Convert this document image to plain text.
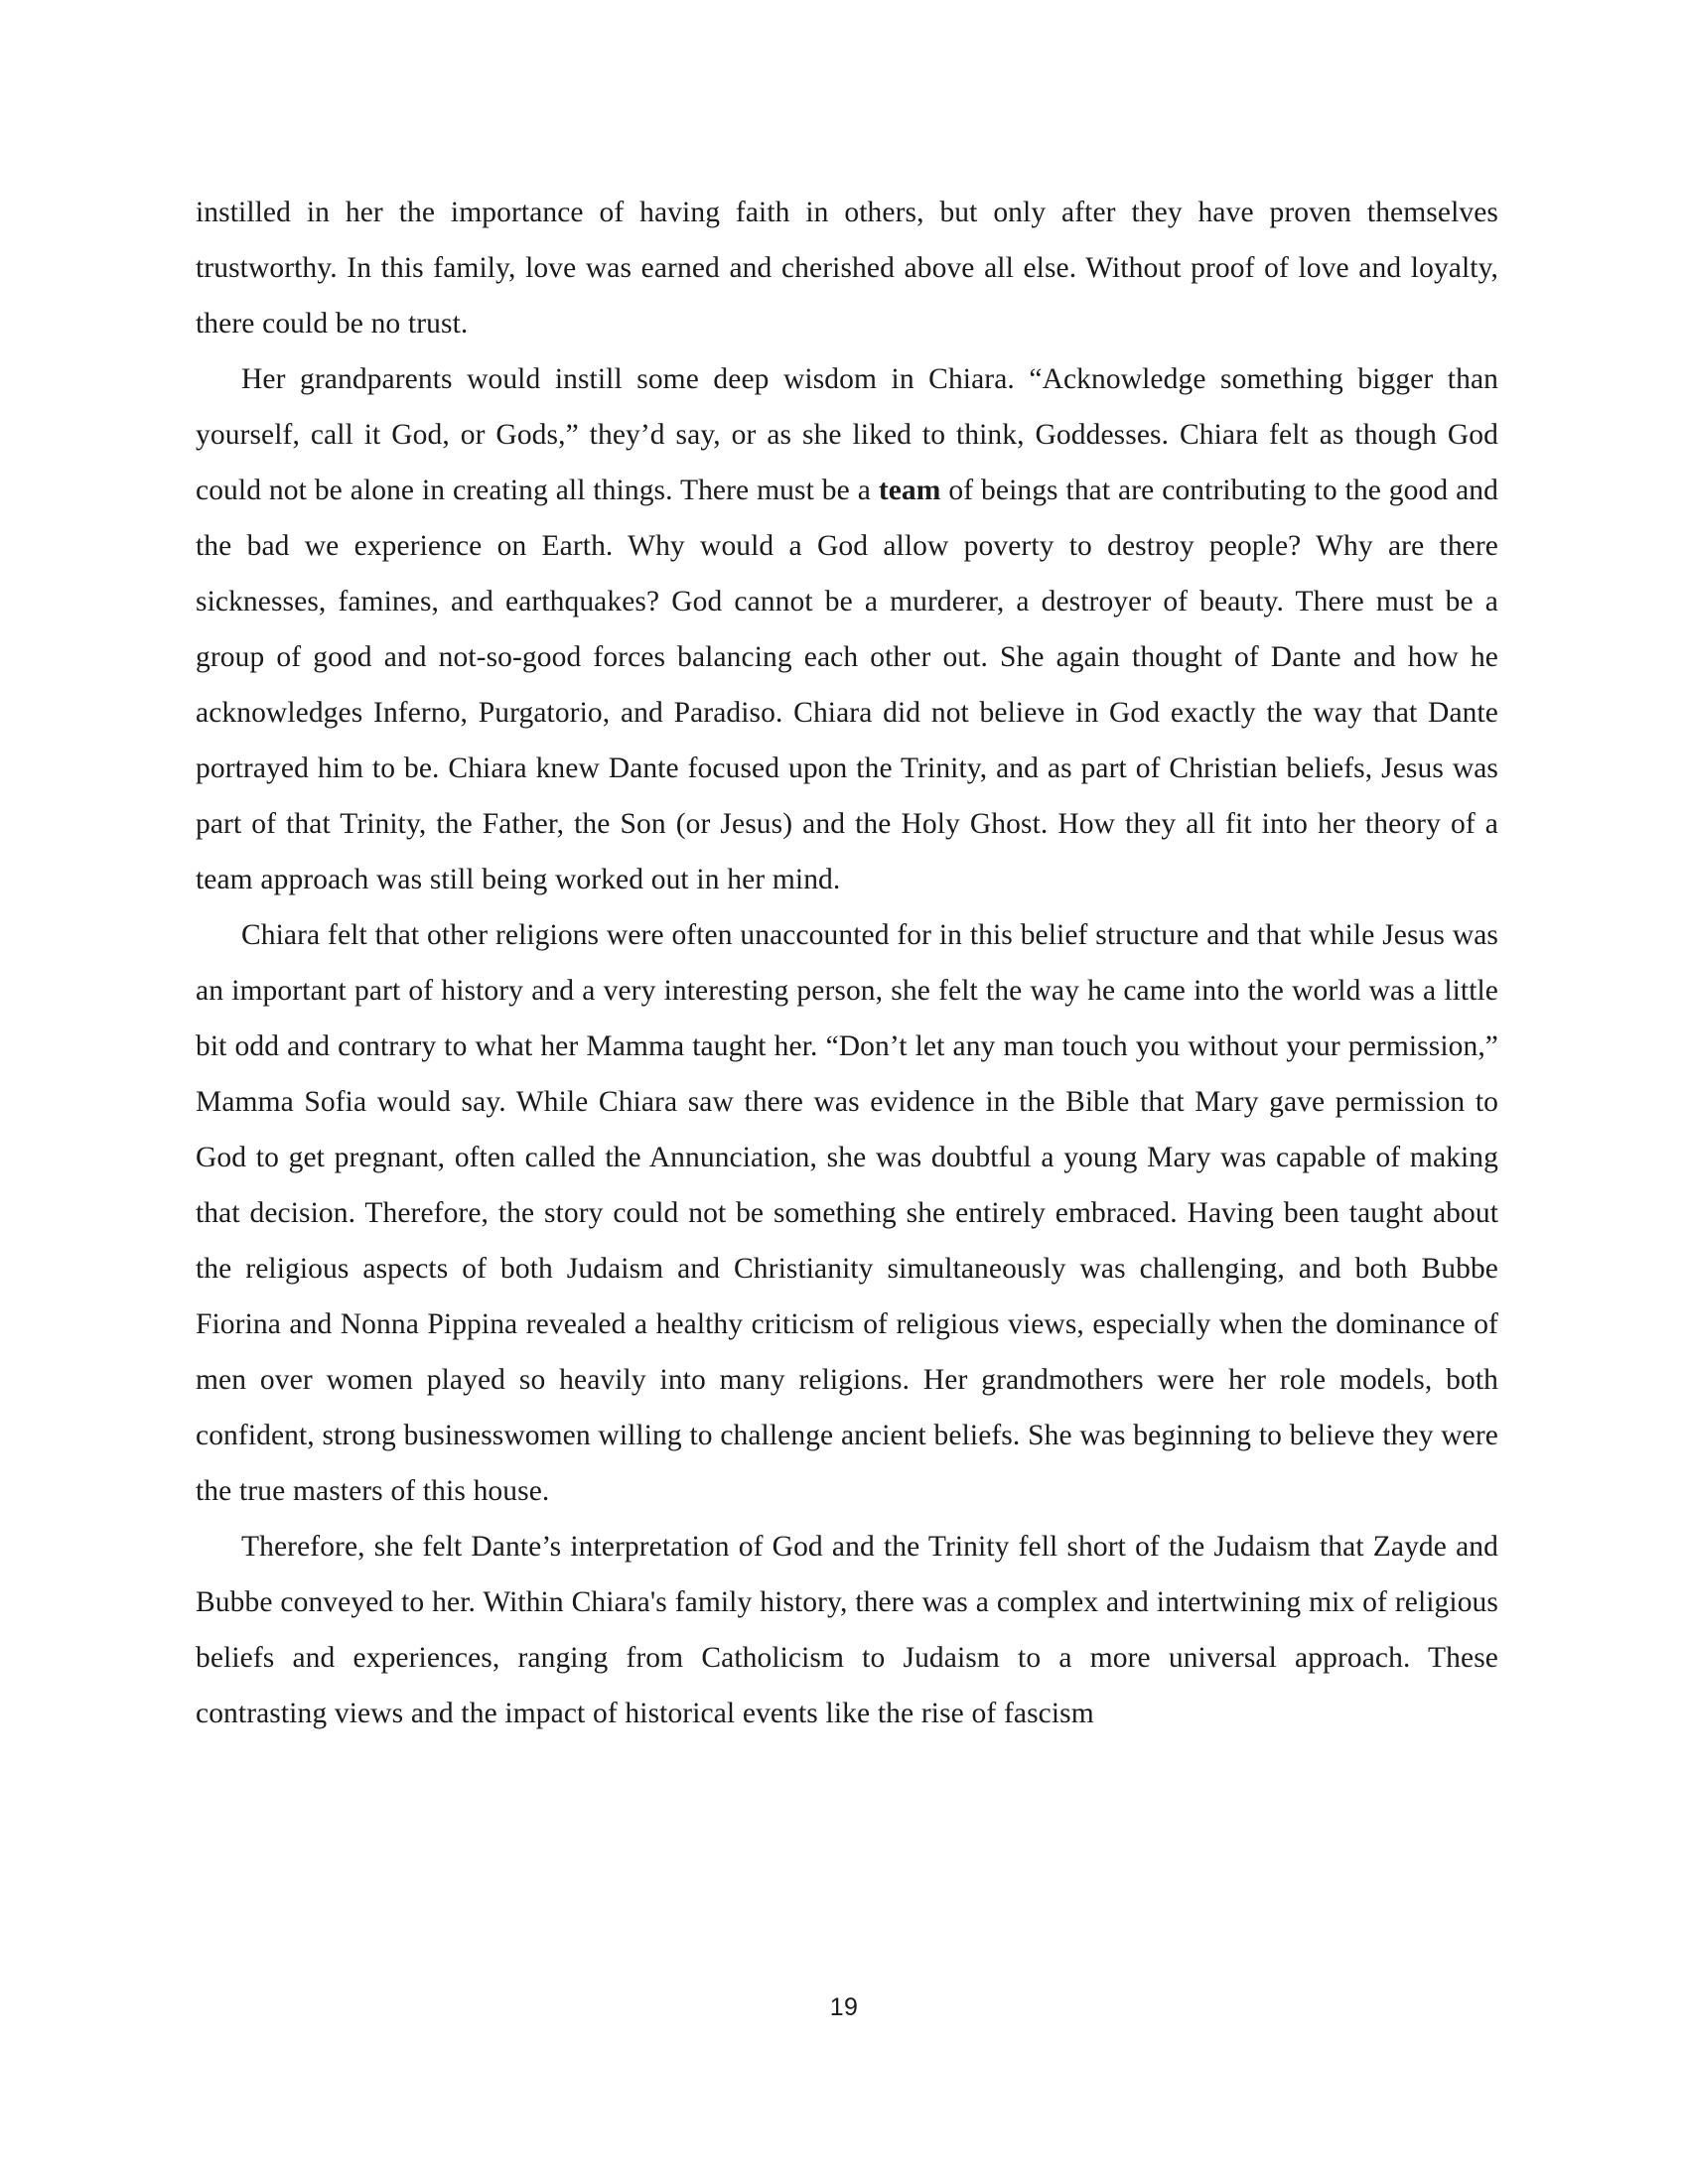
instilled in her the importance of having faith in others, but only after they have proven themselves trustworthy. In this family, love was earned and cherished above all else. Without proof of love and loyalty, there could be no trust.

Her grandparents would instill some deep wisdom in Chiara. “Acknowledge something bigger than yourself, call it God, or Gods,” they’d say, or as she liked to think, Goddesses. Chiara felt as though God could not be alone in creating all things. There must be a team of beings that are contributing to the good and the bad we experience on Earth. Why would a God allow poverty to destroy people? Why are there sicknesses, famines, and earthquakes? God cannot be a murderer, a destroyer of beauty. There must be a group of good and not-so-good forces balancing each other out. She again thought of Dante and how he acknowledges Inferno, Purgatorio, and Paradiso. Chiara did not believe in God exactly the way that Dante portrayed him to be. Chiara knew Dante focused upon the Trinity, and as part of Christian beliefs, Jesus was part of that Trinity, the Father, the Son (or Jesus) and the Holy Ghost. How they all fit into her theory of a team approach was still being worked out in her mind.

Chiara felt that other religions were often unaccounted for in this belief structure and that while Jesus was an important part of history and a very interesting person, she felt the way he came into the world was a little bit odd and contrary to what her Mamma taught her. “Don’t let any man touch you without your permission,” Mamma Sofia would say. While Chiara saw there was evidence in the Bible that Mary gave permission to God to get pregnant, often called the Annunciation, she was doubtful a young Mary was capable of making that decision. Therefore, the story could not be something she entirely embraced. Having been taught about the religious aspects of both Judaism and Christianity simultaneously was challenging, and both Bubbe Fiorina and Nonna Pippina revealed a healthy criticism of religious views, especially when the dominance of men over women played so heavily into many religions. Her grandmothers were her role models, both confident, strong businesswomen willing to challenge ancient beliefs. She was beginning to believe they were the true masters of this house.

Therefore, she felt Dante’s interpretation of God and the Trinity fell short of the Judaism that Zayde and Bubbe conveyed to her. Within Chiara's family history, there was a complex and intertwining mix of religious beliefs and experiences, ranging from Catholicism to Judaism to a more universal approach. These contrasting views and the impact of historical events like the rise of fascism

19
